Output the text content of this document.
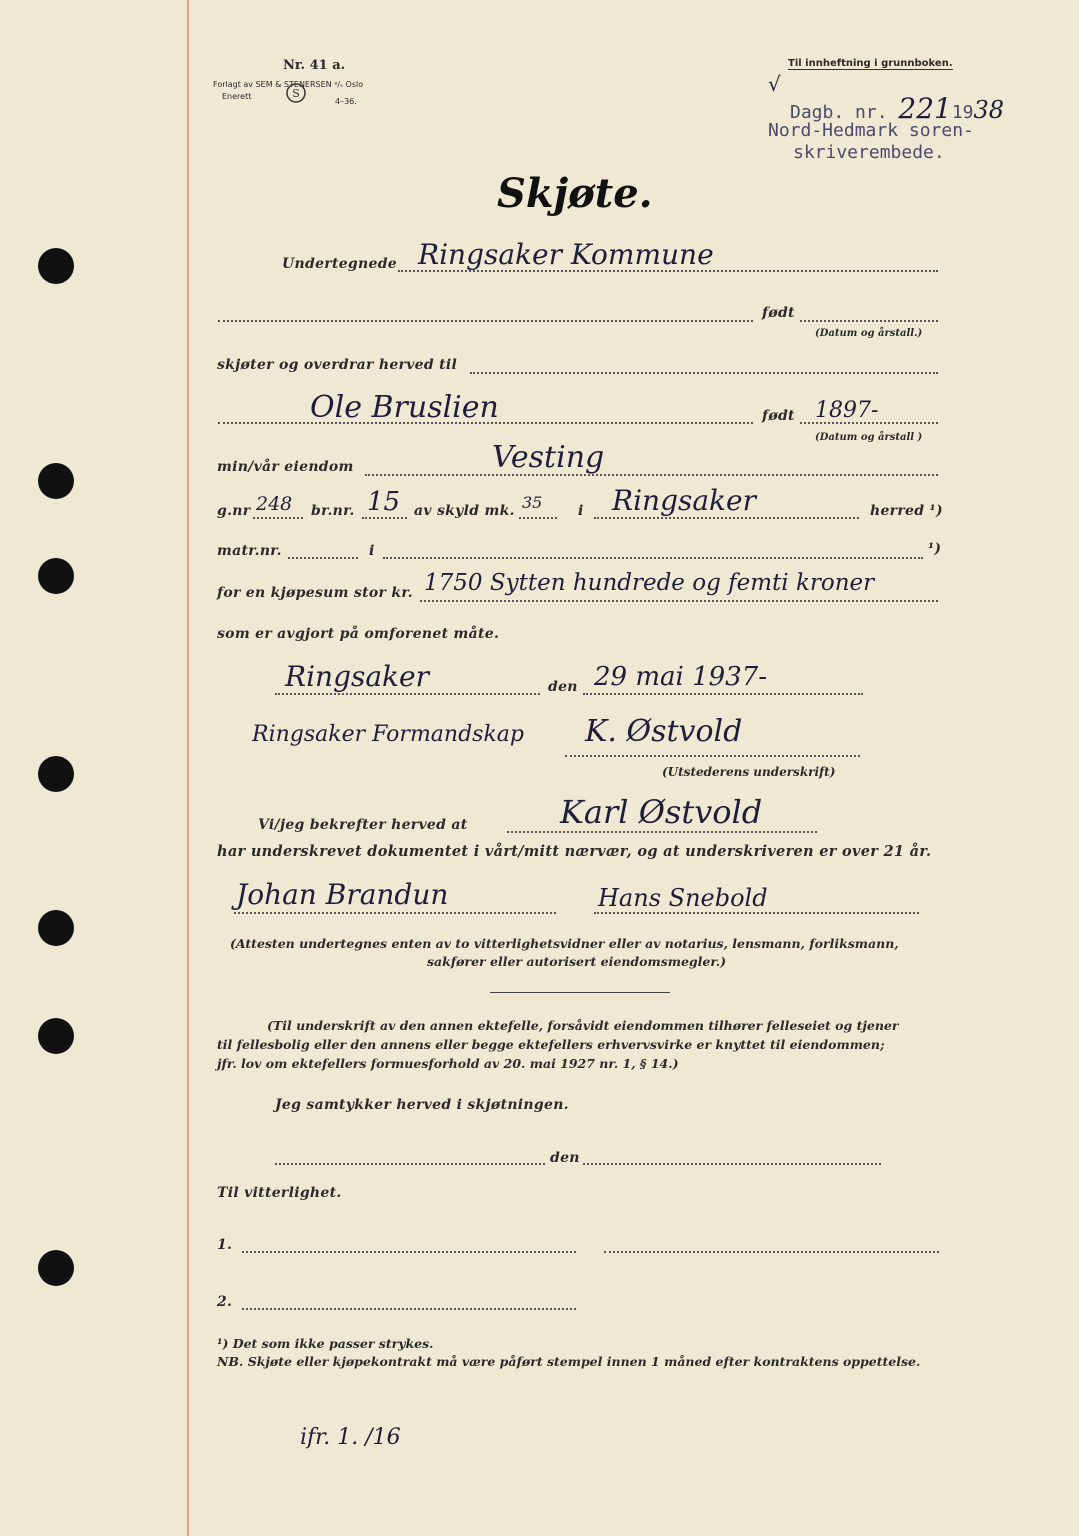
Nr. 41 a.
Forlagt av SEM & STENERSEN ᵃ/ₛ Oslo
Enerett
4–36.
S
Til innheftning i grunnboken.
√
Dagb. nr. 2211938
Nord-Hedmark soren-
skriverembede.
Skjøte.
Undertegnede Ringsaker Kommune
født
(Datum og årstall.)
skjøter og overdrar herved til
Ole Bruslien	født 1897-
(Datum og årstall )
min/vår eiendom	Vesting
g.nr 248 br.nr. 15 av skyld mk. 35	i Ringsaker	herred ¹)
matr.nr.	i	¹)
for en kjøpesum stor kr. 1750 Sytten hundrede og femti kroner
som er avgjort på omforenet måte.
Ringsaker	den 29 mai 1937-
Ringsaker Formandskap K. Østvold
(Utstederens underskrift)
Vi/jeg bekrefter herved at	Karl Østvold
har underskrevet dokumentet i vårt/mitt nærvær, og at underskriveren er over 21 år.
Johan Brandun	Hans Snebold
(Attesten undertegnes enten av to vitterlighetsvidner eller av notarius, lensmann, forliksmann,
sakfører eller autorisert eiendomsmegler.)
(Til underskrift av den annen ektefelle, forsåvidt eiendommen tilhører felleseiet og tjener
til fellesbolig eller den annens eller begge ektefellers erhvervsvirke er knyttet til eiendommen;
jfr. lov om ektefellers formuesforhold av 20. mai 1927 nr. 1, § 14.)
Jeg samtykker herved i skjøtningen.
den
Til vitterlighet.
1.
2.
¹) Det som ikke passer strykes.
NB. Skjøte eller kjøpekontrakt må være påført stempel innen 1 måned efter kontraktens oppettelse.
ifr. 1. /16
